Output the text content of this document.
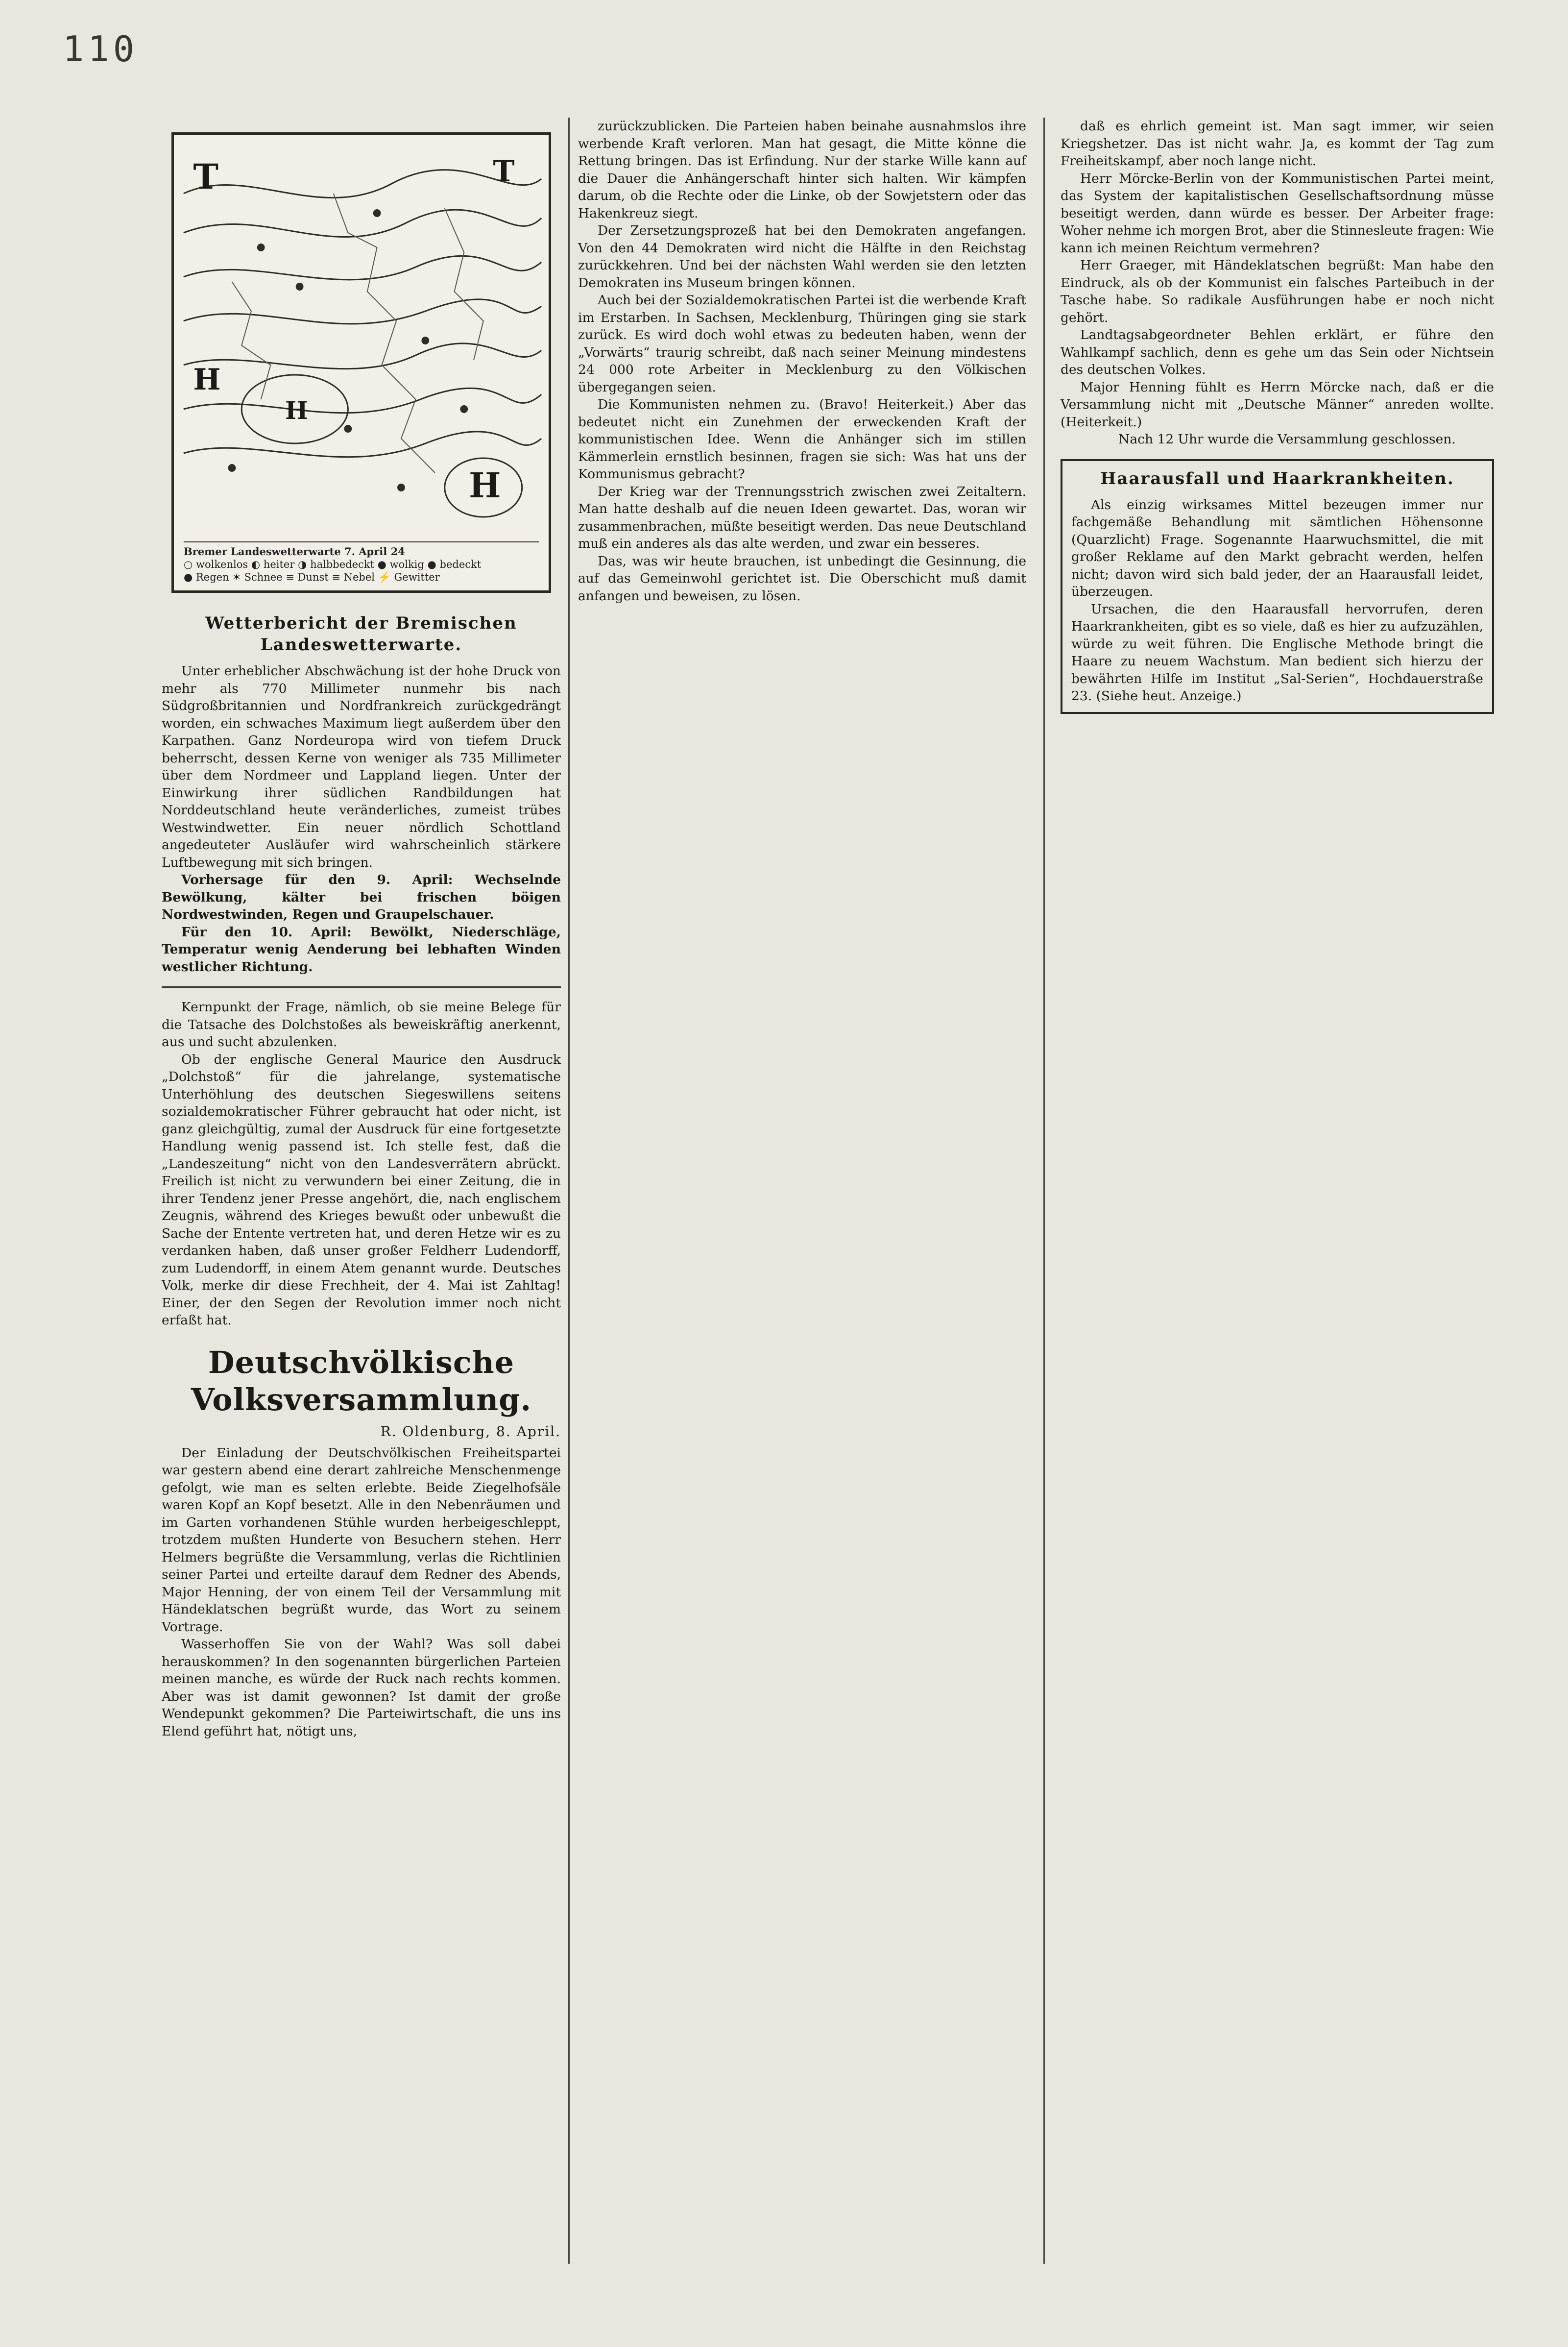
110
T	T
H
H
H
Bremer Landeswetterwarte 7. April 24
○ wolkenlos ◐ heiter ◑ halbbedeckt ● wolkig ● bedeckt
● Regen ✶ Schnee ≡ Dunst ≡ Nebel ⚡ Gewitter
Wetterbericht der Bremischen Landeswetterwarte.

Unter erheblicher Abschwächung ist der hohe Druck von mehr als 770 Millimeter nunmehr bis nach Südgroßbritannien und Nordfrankreich zurückgedrängt worden, ein schwaches Maximum liegt außerdem über den Karpathen. Ganz Nordeuropa wird von tiefem Druck beherrscht, dessen Kerne von weniger als 735 Millimeter über dem Nordmeer und Lappland liegen. Unter der Einwirkung ihrer südlichen Randbildungen hat Norddeutschland heute veränderliches, zumeist trübes Westwindwetter. Ein neuer nördlich Schottland angedeuteter Ausläufer wird wahrscheinlich stärkere Luftbewegung mit sich bringen.

Vorhersage für den 9. April: Wechselnde Bewölkung, kälter bei frischen böigen Nordwestwinden, Regen und Graupelschauer.

Für den 10. April: Bewölkt, Niederschläge, Temperatur wenig Aenderung bei lebhaften Winden westlicher Richtung.

Kernpunkt der Frage, nämlich, ob sie meine Belege für die Tatsache des Dolchstoßes als beweiskräftig anerkennt, aus und sucht abzulenken.

Ob der englische General Maurice den Ausdruck „Dolchstoß“ für die jahrelange, systematische Unterhöhlung des deutschen Siegeswillens seitens sozialdemokratischer Führer gebraucht hat oder nicht, ist ganz gleichgültig, zumal der Ausdruck für eine fortgesetzte Handlung wenig passend ist. Ich stelle fest, daß die „Landeszeitung“ nicht von den Landesverrätern abrückt. Freilich ist nicht zu verwundern bei einer Zeitung, die in ihrer Tendenz jener Presse angehört, die, nach englischem Zeugnis, während des Krieges bewußt oder unbewußt die Sache der Entente vertreten hat, und deren Hetze wir es zu verdanken haben, daß unser großer Feldherr Ludendorff, zum Ludendorff, in einem Atem genannt wurde. Deutsches Volk, merke dir diese Frechheit, der 4. Mai ist Zahltag! Einer, der den Segen der Revolution immer noch nicht erfaßt hat.

Deutschvölkische Volksversammlung.
R. Oldenburg, 8. April.

Der Einladung der Deutschvölkischen Freiheitspartei war gestern abend eine derart zahlreiche Menschenmenge gefolgt, wie man es selten erlebte. Beide Ziegelhofsäle waren Kopf an Kopf besetzt. Alle in den Nebenräumen und im Garten vorhandenen Stühle wurden herbeigeschleppt, trotzdem mußten Hunderte von Besuchern stehen. Herr Helmers begrüßte die Versammlung, verlas die Richtlinien seiner Partei und erteilte darauf dem Redner des Abends, Major Henning, der von einem Teil der Versammlung mit Händeklatschen begrüßt wurde, das Wort zu seinem Vortrage.

Wasserhoffen Sie von der Wahl? Was soll dabei herauskommen? In den sogenannten bürgerlichen Parteien meinen manche, es würde der Ruck nach rechts kommen. Aber was ist damit gewonnen? Ist damit der große Wendepunkt gekommen? Die Parteiwirtschaft, die uns ins Elend geführt hat, nötigt uns,

zurückzublicken. Die Parteien haben beinahe ausnahmslos ihre werbende Kraft verloren. Man hat gesagt, die Mitte könne die Rettung bringen. Das ist Erfindung. Nur der starke Wille kann auf die Dauer die Anhängerschaft hinter sich halten. Wir kämpfen darum, ob die Rechte oder die Linke, ob der Sowjetstern oder das Hakenkreuz siegt.

Der Zersetzungsprozeß hat bei den Demokraten angefangen. Von den 44 Demokraten wird nicht die Hälfte in den Reichstag zurückkehren. Und bei der nächsten Wahl werden sie den letzten Demokraten ins Museum bringen können.

Auch bei der Sozialdemokratischen Partei ist die werbende Kraft im Erstarben. In Sachsen, Mecklenburg, Thüringen ging sie stark zurück. Es wird doch wohl etwas zu bedeuten haben, wenn der „Vorwärts“ traurig schreibt, daß nach seiner Meinung mindestens 24 000 rote Arbeiter in Mecklenburg zu den Völkischen übergegangen seien.

Die Kommunisten nehmen zu. (Bravo! Heiterkeit.) Aber das bedeutet nicht ein Zunehmen der erweckenden Kraft der kommunistischen Idee. Wenn die Anhänger sich im stillen Kämmerlein ernstlich besinnen, fragen sie sich: Was hat uns der Kommunismus gebracht?

Der Krieg war der Trennungsstrich zwischen zwei Zeitaltern. Man hatte deshalb auf die neuen Ideen gewartet. Das, woran wir zusammenbrachen, müßte beseitigt werden. Das neue Deutschland muß ein anderes als das alte werden, und zwar ein besseres.

Das, was wir heute brauchen, ist unbedingt die Gesinnung, die auf das Gemeinwohl gerichtet ist. Die Oberschicht muß damit anfangen und beweisen, zu lösen.

daß es ehrlich gemeint ist. Man sagt immer, wir seien Kriegshetzer. Das ist nicht wahr. Ja, es kommt der Tag zum Freiheitskampf, aber noch lange nicht.

Herr Mörcke-Berlin von der Kommunistischen Partei meint, das System der kapitalistischen Gesellschaftsordnung müsse beseitigt werden, dann würde es besser. Der Arbeiter frage: Woher nehme ich morgen Brot, aber die Stinnesleute fragen: Wie kann ich meinen Reichtum vermehren?

Herr Graeger, mit Händeklatschen begrüßt: Man habe den Eindruck, als ob der Kommunist ein falsches Parteibuch in der Tasche habe. So radikale Ausführungen habe er noch nicht gehört.

Landtagsabgeordneter Behlen erklärt, er führe den Wahlkampf sachlich, denn es gehe um das Sein oder Nichtsein des deutschen Volkes.

Major Henning fühlt es Herrn Mörcke nach, daß er die Versammlung nicht mit „Deutsche Männer“ anreden wollte. (Heiterkeit.)

Nach 12 Uhr wurde die Versammlung geschlossen.

Haarausfall und Haarkrankheiten.

Als einzig wirksames Mittel bezeugen immer nur fachgemäße Behandlung mit sämtlichen Höhensonne (Quarzlicht) Frage. Sogenannte Haarwuchsmittel, die mit großer Reklame auf den Markt gebracht werden, helfen nicht; davon wird sich bald jeder, der an Haarausfall leidet, überzeugen.

Ursachen, die den Haarausfall hervorrufen, deren Haarkrankheiten, gibt es so viele, daß es hier zu aufzuzählen, würde zu weit führen. Die Englische Methode bringt die Haare zu neuem Wachstum. Man bedient sich hierzu der bewährten Hilfe im Institut „Sal-Serien“, Hochdauerstraße 23. (Siehe heut. Anzeige.)
